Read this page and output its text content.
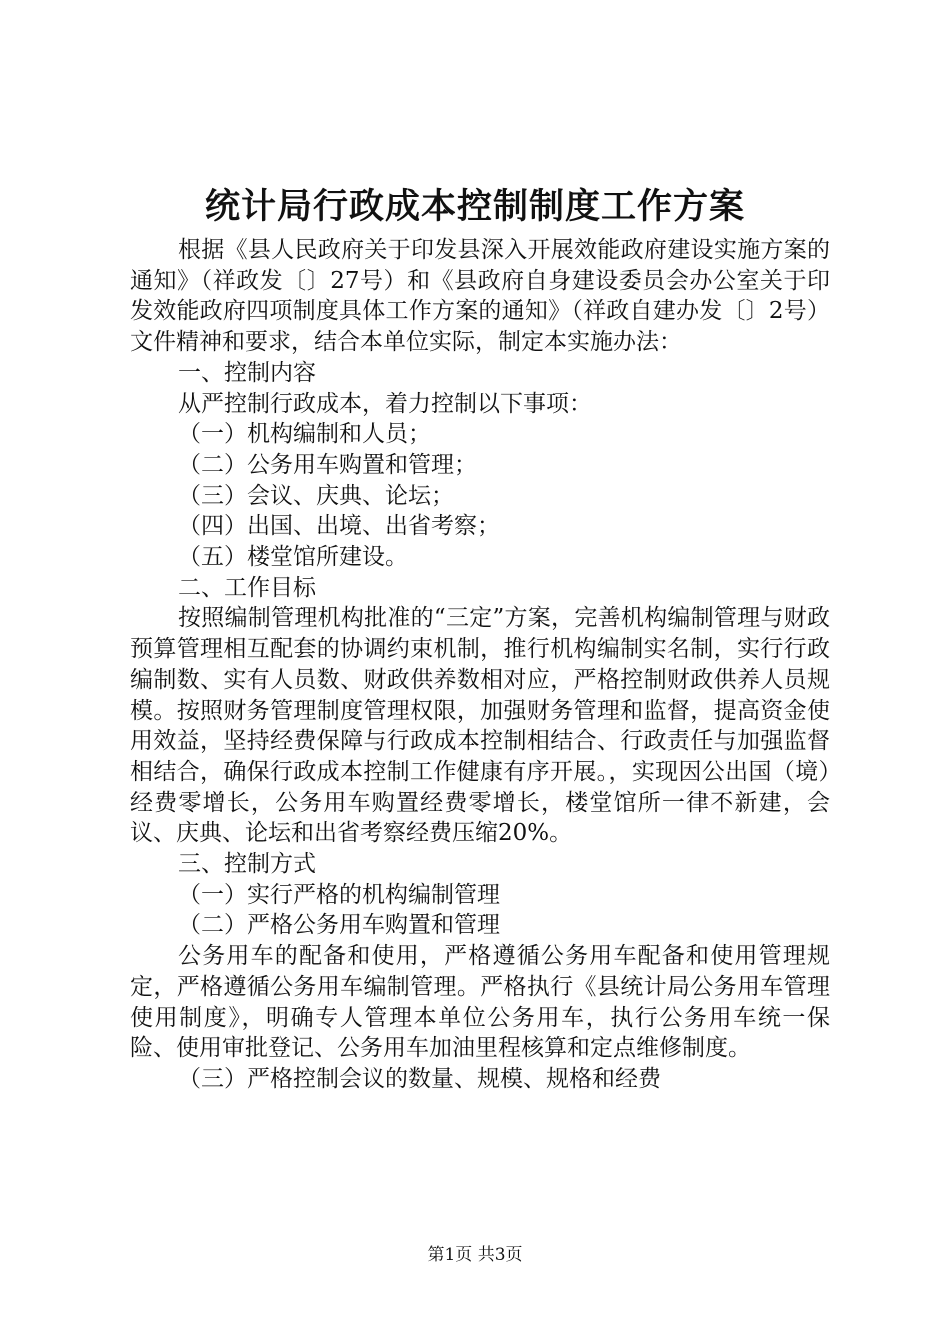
统计局行政成本控制制度工作方案

根据《县人民政府关于印发县深入开展效能政府建设实施方案的通知》（祥政发〔〕27号）和《县政府自身建设委员会办公室关于印发效能政府四项制度具体工作方案的通知》（祥政自建办发〔〕2号）文件精神和要求，结合本单位实际，制定本实施办法：

一、控制内容

从严控制行政成本，着力控制以下事项：

（一）机构编制和人员；

（二）公务用车购置和管理；

（三）会议、庆典、论坛；

（四）出国、出境、出省考察；

（五）楼堂馆所建设。

二、工作目标

按照编制管理机构批准的“三定”方案，完善机构编制管理与财政预算管理相互配套的协调约束机制，推行机构编制实名制，实行行政编制数、实有人员数、财政供养数相对应，严格控制财政供养人员规模。按照财务管理制度管理权限，加强财务管理和监督，提高资金使用效益，坚持经费保障与行政成本控制相结合、行政责任与加强监督相结合，确保行政成本控制工作健康有序开展。，实现因公出国（境）经费零增长，公务用车购置经费零增长，楼堂馆所一律不新建，会议、庆典、论坛和出省考察经费压缩20%。

三、控制方式

（一）实行严格的机构编制管理

（二）严格公务用车购置和管理

公务用车的配备和使用，严格遵循公务用车配备和使用管理规定，严格遵循公务用车编制管理。严格执行《县统计局公务用车管理使用制度》，明确专人管理本单位公务用车，执行公务用车统一保险、使用审批登记、公务用车加油里程核算和定点维修制度。

（三）严格控制会议的数量、规模、规格和经费

第1页 共3页
